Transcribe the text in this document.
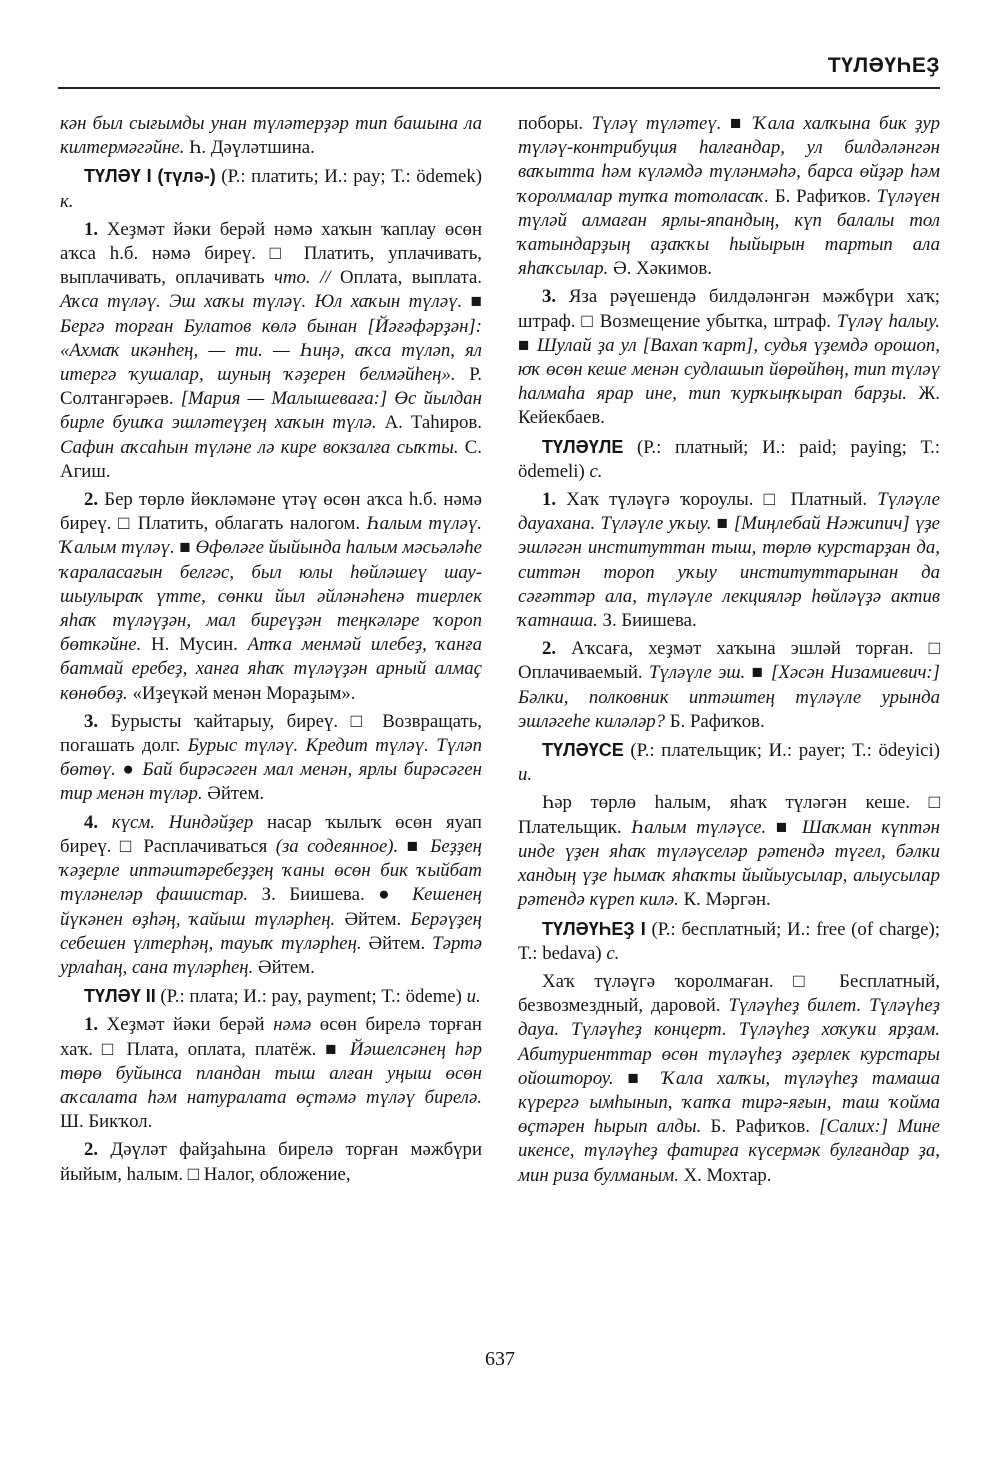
ТҮЛӘҮҺЕҘ

кән был сығымды унан түләтерҙәр тип башына ла килтермәгәйне. Һ. Дәүләтшина.

ТҮЛӘҮ I (түлә-) (Р.: платить; И.: pay; Т.: ödemek) к.

1. Хеҙмәт йәки берәй нәмә хаҡын ҡаплау өсөн аҡса һ.б. нәмә биреү. □ Платить, уплачивать, выплачивать, оплачивать что. // Оплата, выплата. Аҡса түләү. Эш хаҡы түләү. Юл хаҡын түләү. ■ Бергә торған Булатов көлә бынан [Йәғәфәрҙән]: «Ахмаҡ икәнһең, — ти. — Һиңә, аҡса түләп, ял итергә ҡушалар, шуның ҡәҙерен белмәйһең». Р. Солтангәрәев. [Мария — Малышеваға:] Өс йылдан бирле бушҡа эшләтеүҙең хаҡын түлә. А. Таһиров. Сафин аҡсаһын түләне лә кире вокзалға сыҡты. С. Агиш.

2. Бер төрлө йөкләмәне үтәү өсөн аҡса һ.б. нәмә биреү. □ Платить, облагать налогом. Һалым түләү. Ҡалым түләү. ■ Өфөләге йыйында һалым мәсьәләһе ҡараласағын белгәс, был юлы һөйләшеү шау-шыулыраҡ үтте, сөнки йыл әйләнәһенә тиерлек яһаҡ түләүҙән, мал биреүҙән теңкәләре ҡороп бөткәйне. Н. Мусин. Атҡа менмәй илебеҙ, ҡанға батмай еребеҙ, ханға яһаҡ түләүҙән арный алмаҫ көнөбөҙ. «Иҙеүкәй менән Мораҙым».

3. Бурысты ҡайтарыу, биреү. □ Возвращать, погашать долг. Бурыс түләү. Кредит түләү. Түләп бөтөү. ● Бай бирәсәген мал менән, ярлы бирәсәген тир менән түләр. Әйтем.

4. күсм. Ниндәйҙер насар ҡылыҡ өсөн яуап биреү. □ Расплачиваться (за содеянное). ■ Беҙҙең ҡәҙерле иптәштәребеҙҙең ҡаны өсөн бик ҡыйбат түләнеләр фашистар. З. Биишева. ● Кешенең йүкәнен өҙһәң, ҡайыш түләрһең. Әйтем. Берәүҙең себешен үлтерһәң, тауыҡ түләрһең. Әйтем. Тәртә урлаһаң, сана түләрһең. Әйтем.

ТҮЛӘҮ II (Р.: плата; И.: pay, payment; Т.: ödeme) и.

1. Хеҙмәт йәки берәй нәмә өсөн бирелә торған хаҡ. □ Плата, оплата, платёж. ■ Йәшелсәнең һәр төрө буйынса пландан тыш алған уңыш өсөн аҡсалата һәм натуралата өҫтәмә түләү бирелә. Ш. Бикҡол.

2. Дәүләт файҙаһына бирелә торған мәжбүри йыйым, һалым. □ Налог, обложение,

поборы. Түләү түләтеү. ■ Ҡала халҡына бик ҙур түләү-контрибуция һалғандар, ул билдәләнгән ваҡытта һәм күләмдә түләнмәһә, барса өйҙәр һәм ҡоролмалар тупҡа тотоласаҡ. Б. Рафиҡов. Түләүен түләй алмаған ярлы-япандың, күп балалы тол ҡатындарҙың аҙаҡҡы һыйырын тартып ала яһаҡсылар. Ә. Хәкимов.

3. Яза рәүешендә билдәләнгән мәжбүри хаҡ; штраф. □ Возмещение убытка, штраф. Түләү һалыу. ■ Шулай ҙа ул [Вахап ҡарт], судья үҙемдә орошоп, юҡ өсөн кеше менән судлашып йөрөйһөң, тип түләү һалмаһа ярар ине, тип ҡурҡыңҡырап барҙы. Ж. Кейекбаев.

ТҮЛӘҮЛЕ (Р.: платный; И.: paid; paying; Т.: ödemeli) с.

1. Хаҡ түләүгә ҡороулы. □ Платный. Түләүле дауахана. Түләүле уҡыу. ■ [Миңлебай Нәжипич] үҙе эшләгән институттан тыш, төрлө курстарҙан да, ситтән тороп уҡыу институттарынан да сәғәттәр ала, түләүле лекцияләр һөйләүҙә актив ҡатнаша. З. Биишева.

2. Аҡсаға, хеҙмәт хаҡына эшләй торған. □ Оплачиваемый. Түләүле эш. ■ [Хәсән Низамиевич:] Бәлки, полковник иптәштең түләүле урында эшләгеһе киләләр? Б. Рафиҡов.

ТҮЛӘҮСЕ (Р.: плательщик; И.: payer; Т.: ödeyici) и.

Һәр төрлө һалым, яһаҡ түләгән кеше. □ Плательщик. Һалым түләүсе. ■ Шаҡман күптән инде үҙен яһаҡ түләүселәр рәтендә түгел, бәлки хандың үҙе һымаҡ яһаҡты йыйыусылар, алыусылар рәтендә күреп килә. К. Мәргән.

ТҮЛӘҮҺЕҘ I (Р.: бесплатный; И.: free (of charge); Т.: bedava) с.

Хаҡ түләүгә ҡоролмаған. □ Бесплатный, безвозмездный, даровой. Түләүһеҙ билет. Түләүһеҙ дауа. Түләүһеҙ концерт. Түләүһеҙ хоҡуҡи ярҙам. Абитуриенттар өсөн түләүһеҙ әҙерлек курстары ойоштороу. ■ Ҡала халҡы, түләүһеҙ тамаша күрергә ымһынып, ҡапҡа тирә-яғын, таш ҡойма өҫтәрен һырып алды. Б. Рафиҡов. [Салих:] Мине икенсе, түләүһеҙ фатирға күсермәк булғандар ҙа, мин риза булманым. Х. Мохтар.

637
